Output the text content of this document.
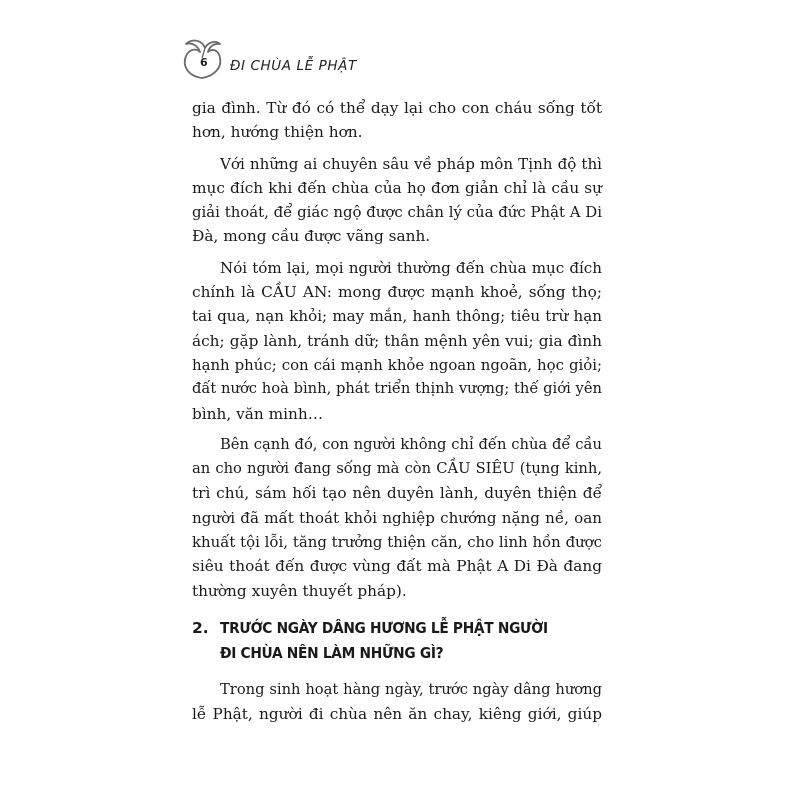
6 ĐI CHÙA LỄ PHẬT
gia đình. Từ đó có thể dạy lại cho con cháu sống tốt
hơn, hướng thiện hơn.
Với những ai chuyên sâu về pháp môn Tịnh độ thì
mục đích khi đến chùa của họ đơn giản chỉ là cầu sự
giải thoát, để giác ngộ được chân lý của đức Phật A Di
Đà, mong cầu được vãng sanh.
Nói tóm lại, mọi người thường đến chùa mục đích
chính là CẦU AN: mong được mạnh khoẻ, sống thọ;
tai qua, nạn khỏi; may mắn, hanh thông; tiêu trừ hạn
ách; gặp lành, tránh dữ; thân mệnh yên vui; gia đình
hạnh phúc; con cái mạnh khỏe ngoan ngoãn, học giỏi;
đất nước hoà bình, phát triển thịnh vượng; thế giới yên
bình, văn minh…
Bên cạnh đó, con người không chỉ đến chùa để cầu
an cho người đang sống mà còn CẦU SIÊU (tụng kinh,
trì chú, sám hối tạo nên duyên lành, duyên thiện để
người đã mất thoát khỏi nghiệp chướng nặng nề, oan
khuất tội lỗi, tăng trưởng thiện căn, cho linh hồn được
siêu thoát đến được vùng đất mà Phật A Di Đà đang
thường xuyên thuyết pháp).
2. TRƯỚC NGÀY DÂNG HƯƠNG LỄ PHẬT NGƯỜI
ĐI CHÙA NÊN LÀM NHỮNG GÌ?
Trong sinh hoạt hàng ngày, trước ngày dâng hương
lễ Phật, người đi chùa nên ăn chay, kiêng giới, giúp
